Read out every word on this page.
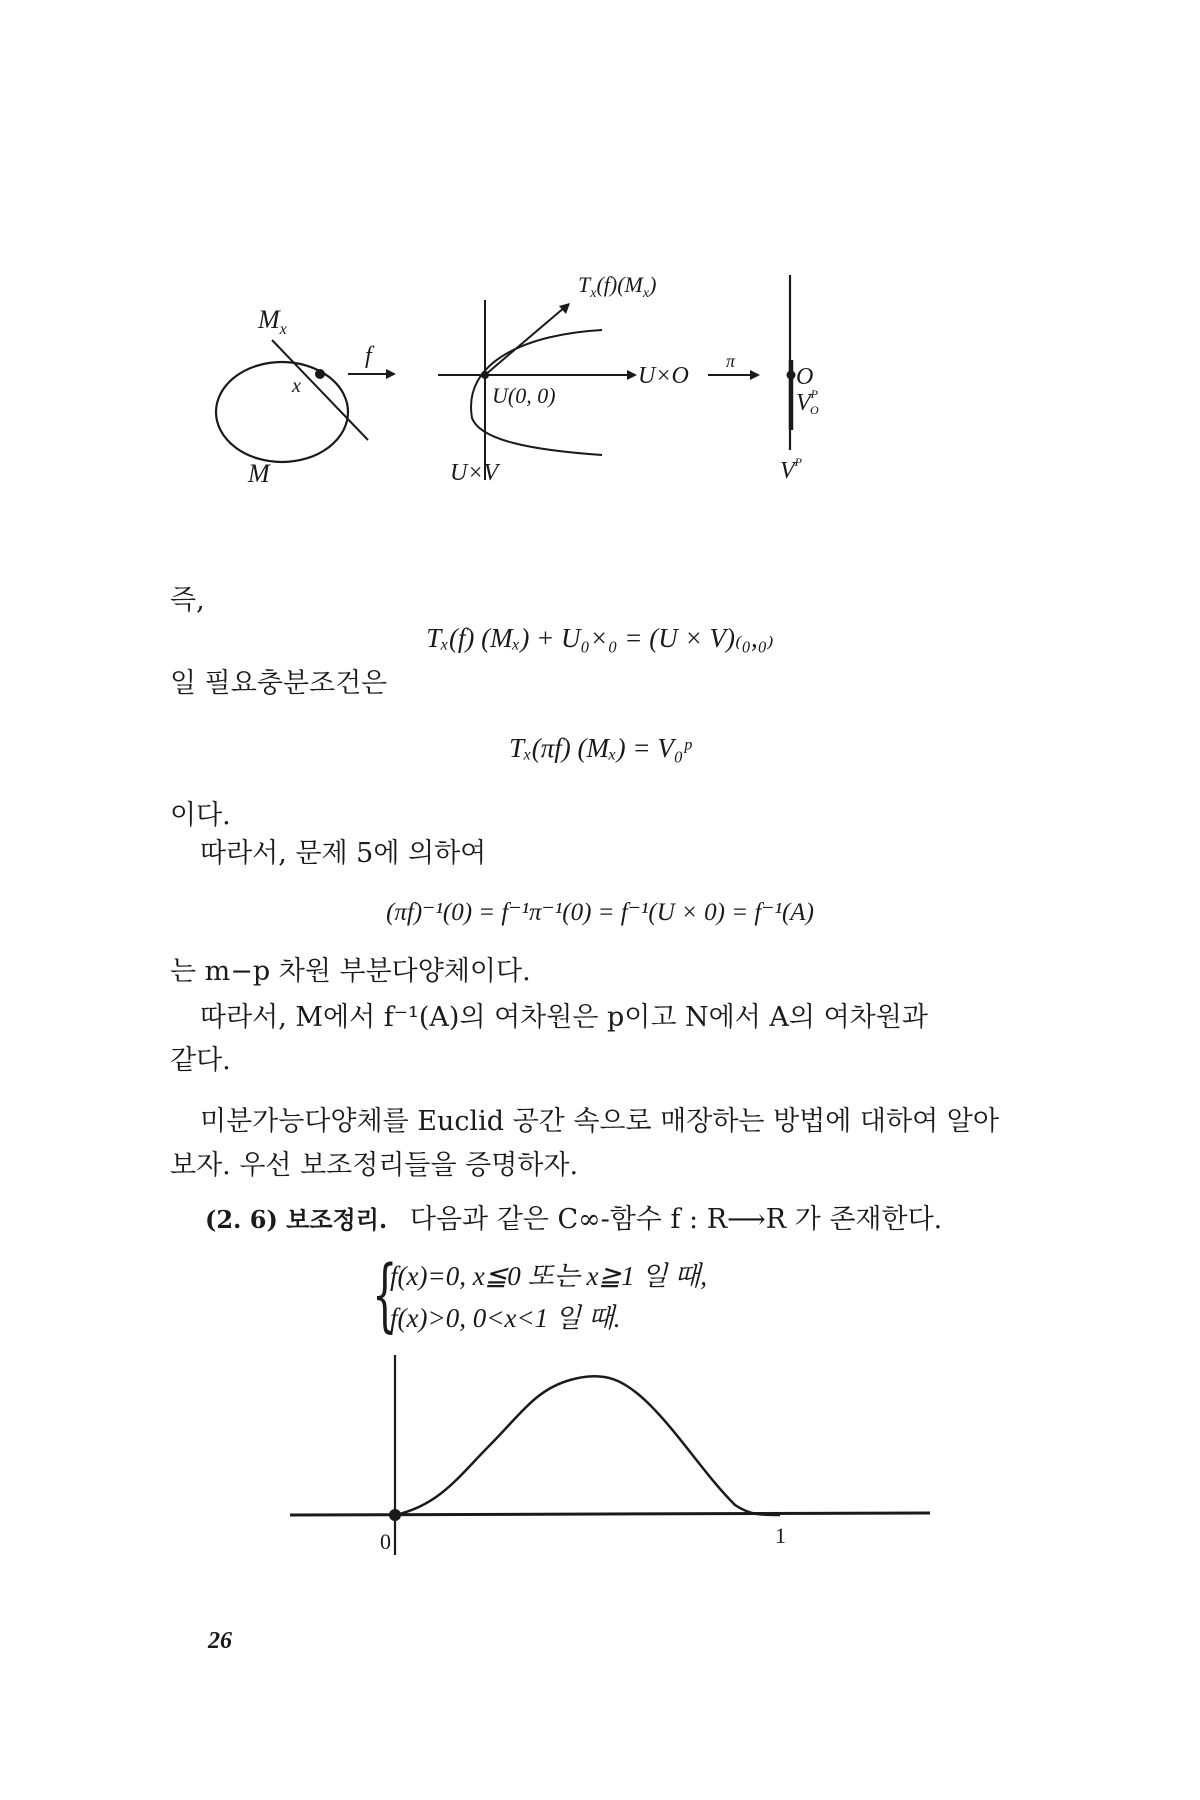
$M_x$
x
M
f
$T_x(f)(M_x)$
U(0, 0)
U×O
U×V
π
O
$V^P$ O
$V^P$
즉,
Tₓ(f) (Mₓ) + U₀×₀ = (U × V)₍₀,₀₎
일 필요충분조건은
Tₓ(πf) (Mₓ) = V₀ᵖ
이다.
따라서, 문제 5에 의하여
(πf)⁻¹(0) = f⁻¹π⁻¹(0) = f⁻¹(U × 0) = f⁻¹(A)
는 m−p 차원 부분다양체이다.
따라서, M에서 f⁻¹(A)의 여차원은 p이고 N에서 A의 여차원과
같다.
미분가능다양체를 Euclid 공간 속으로 매장하는 방법에 대하여 알아
보자. 우선 보조정리들을 증명하자.
(2. 6) 보조정리. 다음과 같은 C∞-함수 f : R⟶R 가 존재한다.
{
f(x)=0, x≦0 또는 x≧1 일 때,
f(x)>0, 0<x<1 일 때.
0	1
26
